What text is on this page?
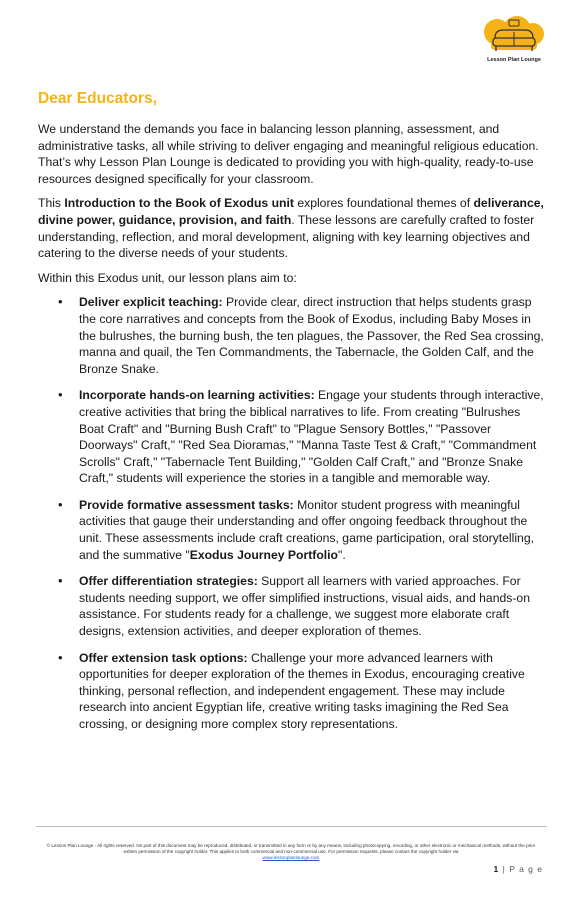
Lesson Plan Lounge
Dear Educators,

We understand the demands you face in balancing lesson planning, assessment, and administrative tasks, all while striving to deliver engaging and meaningful religious education. That’s why Lesson Plan Lounge is dedicated to providing you with high-quality, ready-to-use resources designed specifically for your classroom.

This Introduction to the Book of Exodus unit explores foundational themes of deliverance, divine power, guidance, provision, and faith. These lessons are carefully crafted to foster understanding, reflection, and moral development, aligning with key learning objectives and catering to the diverse needs of your students.

Within this Exodus unit, our lesson plans aim to:

• Deliver explicit teaching: Provide clear, direct instruction that helps students grasp the core narratives and concepts from the Book of Exodus, including Baby Moses in the bulrushes, the burning bush, the ten plagues, the Passover, the Red Sea crossing, manna and quail, the Ten Commandments, the Tabernacle, the Golden Calf, and the Bronze Snake.
• Incorporate hands-on learning activities: Engage your students through interactive, creative activities that bring the biblical narratives to life. From creating "Bulrushes Boat Craft" and "Burning Bush Craft" to "Plague Sensory Bottles," "Passover Doorways" Craft," "Red Sea Dioramas," "Manna Taste Test & Craft," "Commandment Scrolls" Craft," "Tabernacle Tent Building," "Golden Calf Craft," and "Bronze Snake Craft," students will experience the stories in a tangible and memorable way.
• Provide formative assessment tasks: Monitor student progress with meaningful activities that gauge their understanding and offer ongoing feedback throughout the unit. These assessments include craft creations, game participation, oral storytelling, and the summative "Exodus Journey Portfolio".
• Offer differentiation strategies: Support all learners with varied approaches. For students needing support, we offer simplified instructions, visual aids, and hands-on assistance. For students ready for a challenge, we suggest more elaborate craft designs, extension activities, and deeper exploration of themes.
• Offer extension task options: Challenge your more advanced learners with opportunities for deeper exploration of the themes in Exodus, encouraging creative thinking, personal reflection, and independent engagement. These may include research into ancient Egyptian life, creative writing tasks imagining the Red Sea crossing, or designing more complex story representations.
© Lesson Plan Lounge - All rights reserved. No part of this document may be reproduced, distributed, or transmitted in any form or by any means, including photocopying, recording, or other electronic or mechanical methods, without the prior written permission of the copyright holder. This applies to both commercial and non-commercial use. For permission requests, please contact the copyright holder via
www.lessonplanlounge.com
1 | P a g e
